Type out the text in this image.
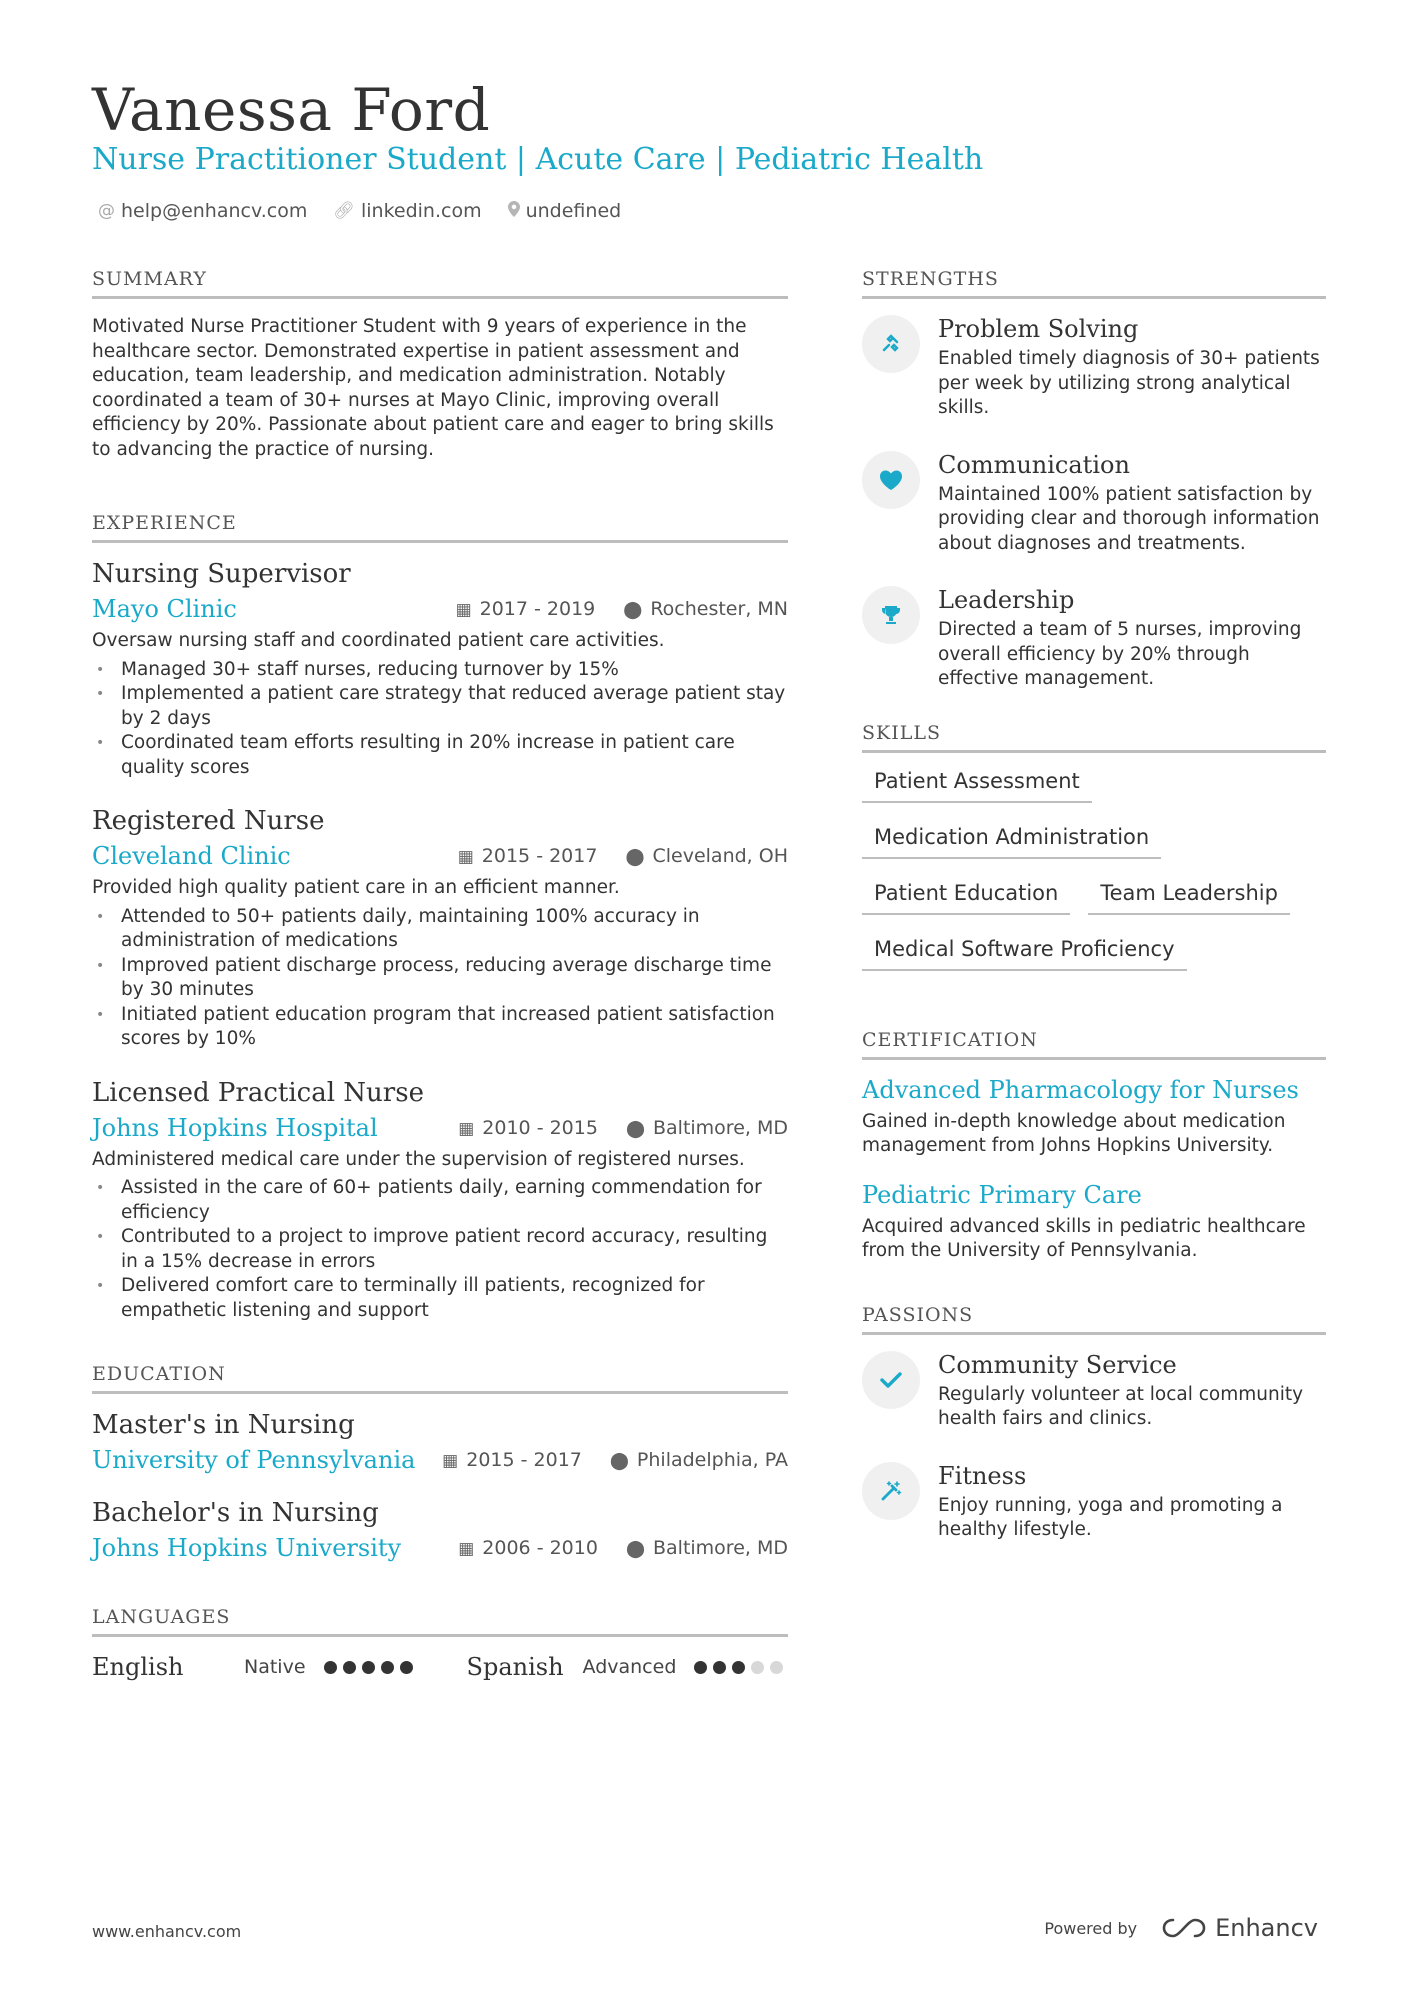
Vanessa Ford
Nurse Practitioner Student | Acute Care | Pediatric Health
@ help@enhancv.com 🔗︎ linkedin.com undefined
SUMMARY

Motivated Nurse Practitioner Student with 9 years of experience in the healthcare sector. Demonstrated expertise in patient assessment and education, team leadership, and medication administration. Notably coordinated a team of 30+ nurses at Mayo Clinic, improving overall efficiency by 20%. Passionate about patient care and eager to bring skills to advancing the practice of nursing.

EXPERIENCE
Nursing Supervisor
Mayo Clinic	▦ 2017 - 2019 ⬤ Rochester, MN

Oversaw nursing staff and coordinated patient care activities.

• Managed 30+ staff nurses, reducing turnover by 15%
• Implemented a patient care strategy that reduced average patient stay by 2 days
• Coordinated team efforts resulting in 20% increase in patient care quality scores
Registered Nurse
Cleveland Clinic	▦ 2015 - 2017 ⬤ Cleveland, OH

Provided high quality patient care in an efficient manner.

• Attended to 50+ patients daily, maintaining 100% accuracy in administration of medications
• Improved patient discharge process, reducing average discharge time by 30 minutes
• Initiated patient education program that increased patient satisfaction scores by 10%
Licensed Practical Nurse
Johns Hopkins Hospital	▦ 2010 - 2015 ⬤ Baltimore, MD

Administered medical care under the supervision of registered nurses.

• Assisted in the care of 60+ patients daily, earning commendation for efficiency
• Contributed to a project to improve patient record accuracy, resulting in a 15% decrease in errors
• Delivered comfort care to terminally ill patients, recognized for empathetic listening and support
EDUCATION
Master's in Nursing
University of Pennsylvania ▦ 2015 - 2017 ⬤ Philadelphia, PA
Bachelor's in Nursing
Johns Hopkins University	▦ 2006 - 2010 ⬤ Baltimore, MD
LANGUAGES
English	Native	Spanish Advanced
STRENGTHS
Problem Solving

Enabled timely diagnosis of 30+ patients per week by utilizing strong analytical skills.

Communication

Maintained 100% patient satisfaction by providing clear and thorough information about diagnoses and treatments.

Leadership

Directed a team of 5 nurses, improving overall efficiency by 20% through effective management.

SKILLS
Patient Assessment
Medication Administration
Patient Education	Team Leadership
Medical Software Proficiency
CERTIFICATION
Advanced Pharmacology for Nurses

Gained in-depth knowledge about medication management from Johns Hopkins University.

Pediatric Primary Care

Acquired advanced skills in pediatric healthcare from the University of Pennsylvania.

PASSIONS
Community Service

Regularly volunteer at local community health fairs and clinics.

Fitness

Enjoy running, yoga and promoting a healthy lifestyle.

www.enhancv.com	Powered by	Enhancv
